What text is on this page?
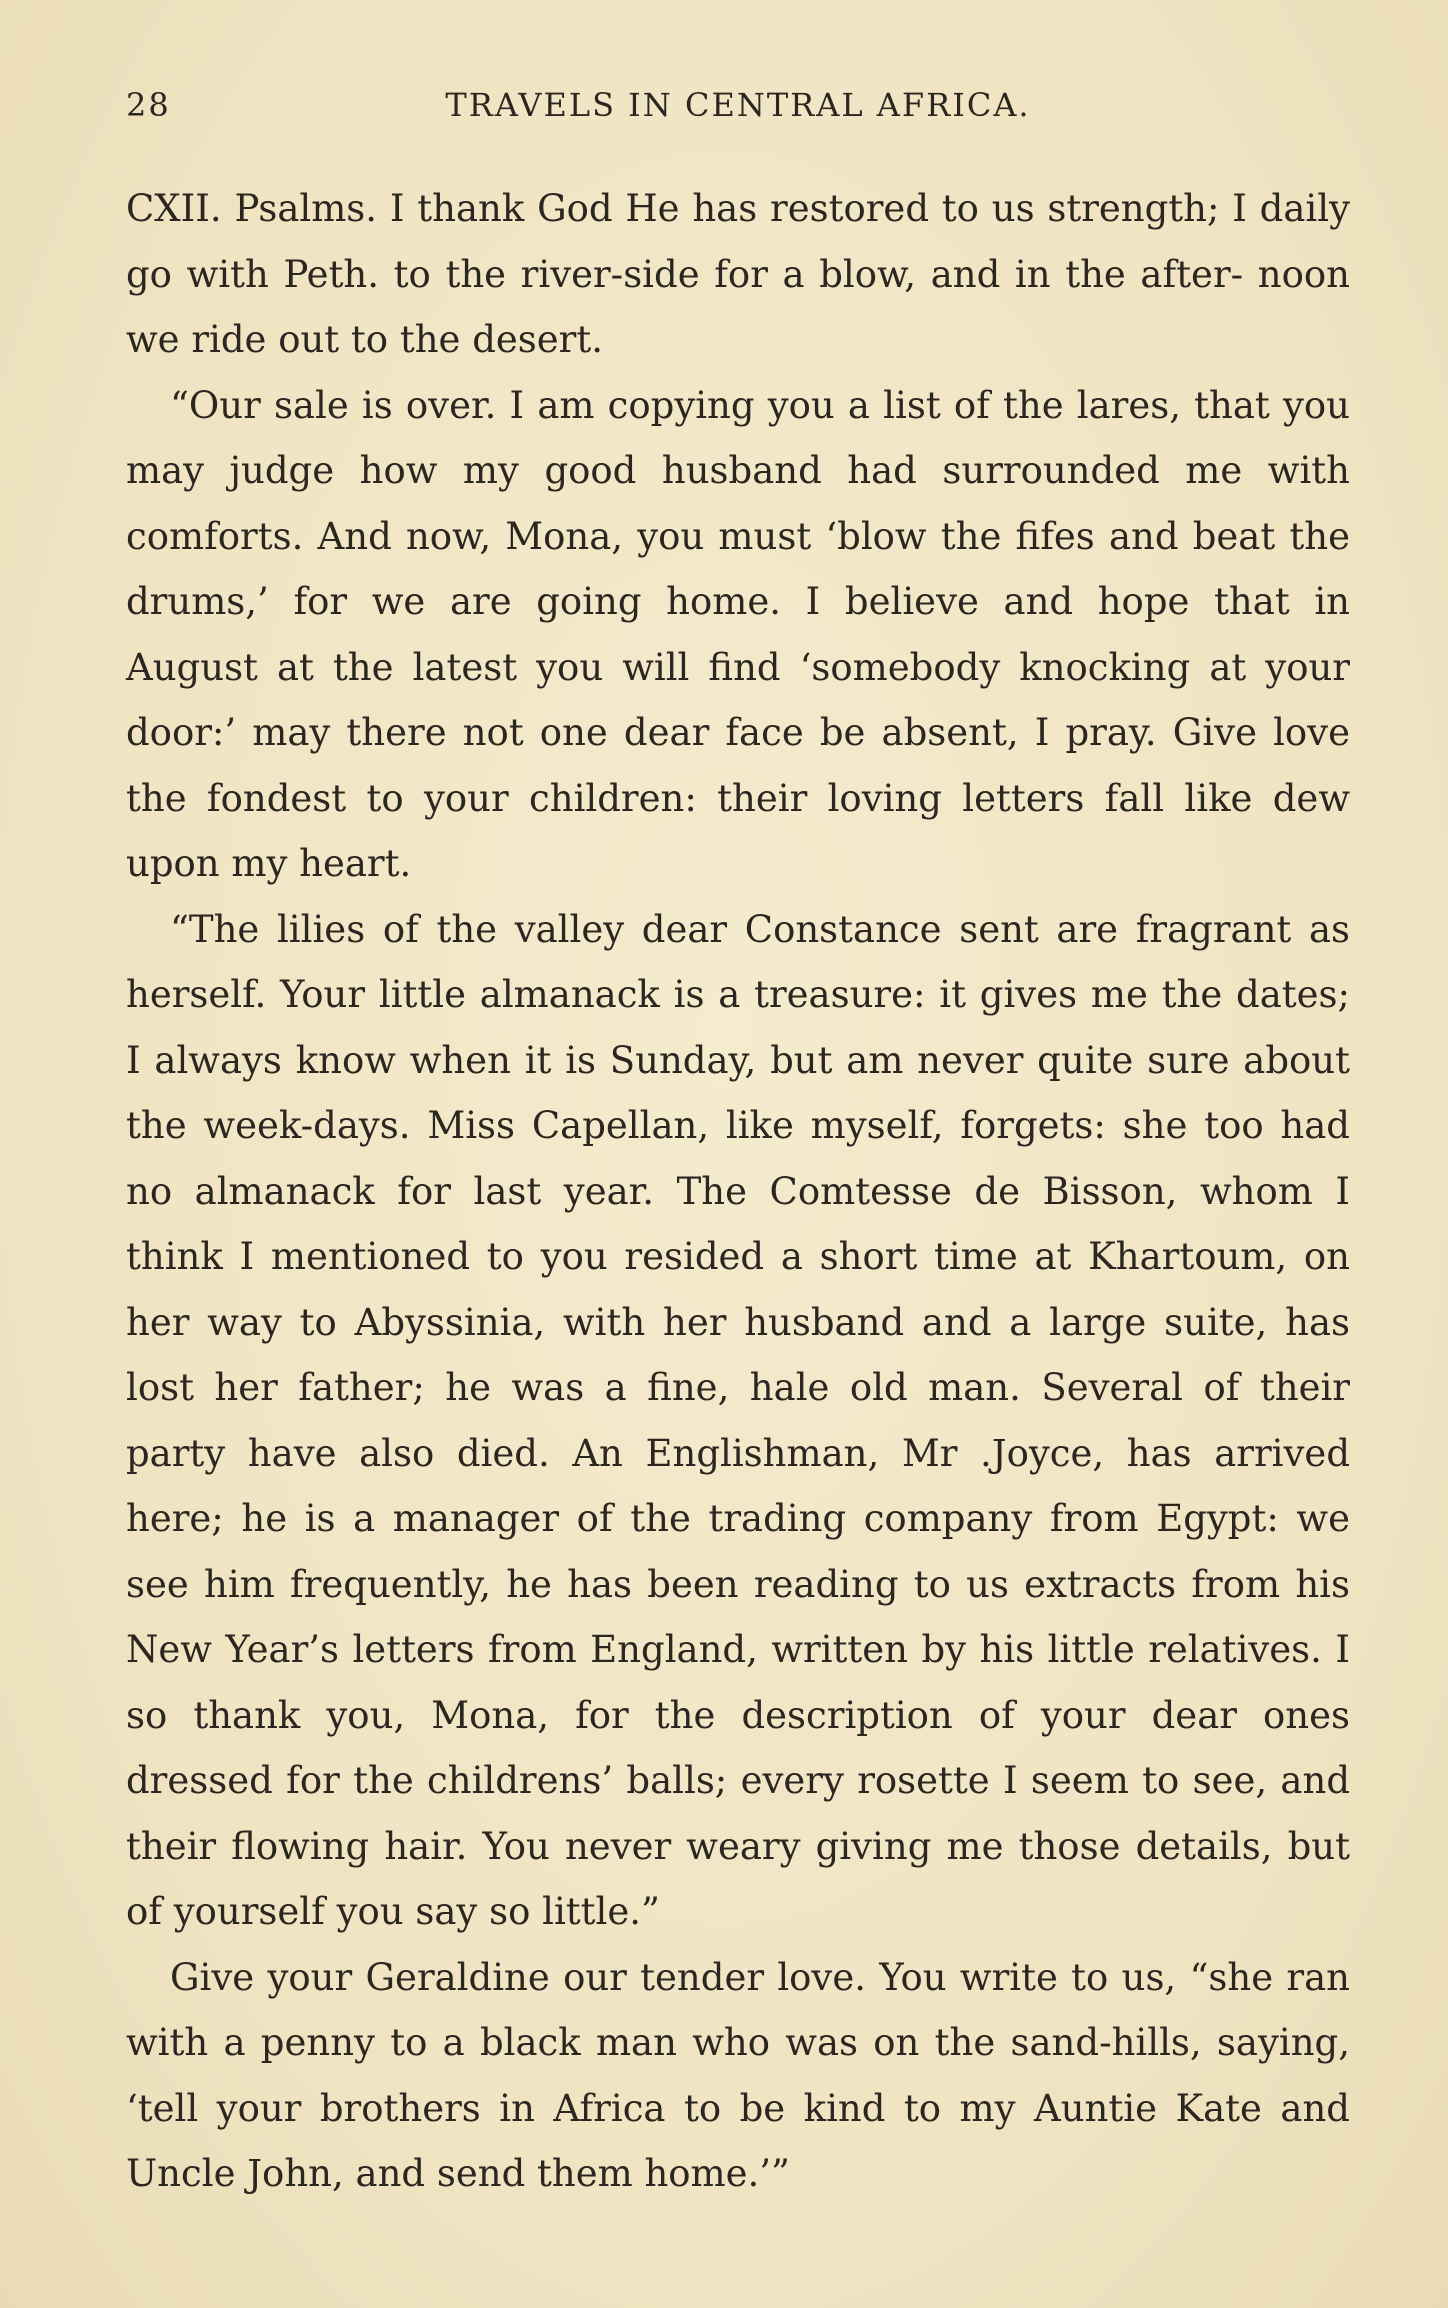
28	TRAVELS IN CENTRAL AFRICA.

CXII. Psalms. I thank God He has restored to us strength; I daily go with Peth. to the river-side for a blow, and in the after- noon we ride out to the desert.

“Our sale is over. I am copying you a list of the lares, that you may judge how my good husband had surrounded me with comforts. And now, Mona, you must ‘blow the fifes and beat the drums,’ for we are going home. I believe and hope that in August at the latest you will find ‘somebody knocking at your door:’ may there not one dear face be absent, I pray. Give love the fondest to your children: their loving letters fall like dew upon my heart.

“The lilies of the valley dear Constance sent are fragrant as herself. Your little almanack is a treasure: it gives me the dates; I always know when it is Sunday, but am never quite sure about the week-days. Miss Capellan, like myself, forgets: she too had no almanack for last year. The Comtesse de Bisson, whom I think I mentioned to you resided a short time at Khartoum, on her way to Abyssinia, with her husband and a large suite, has lost her father; he was a fine, hale old man. Several of their party have also died. An Englishman, Mr .Joyce, has arrived here; he is a manager of the trading company from Egypt: we see him frequently, he has been reading to us extracts from his New Year’s letters from England, written by his little relatives. I so thank you, Mona, for the description of your dear ones dressed for the childrens’ balls; every rosette I seem to see, and their flowing hair. You never weary giving me those details, but of yourself you say so little.”

Give your Geraldine our tender love. You write to us, “she ran with a penny to a black man who was on the sand-hills, saying, ‘tell your brothers in Africa to be kind to my Auntie Kate and Uncle John, and send them home.’”
